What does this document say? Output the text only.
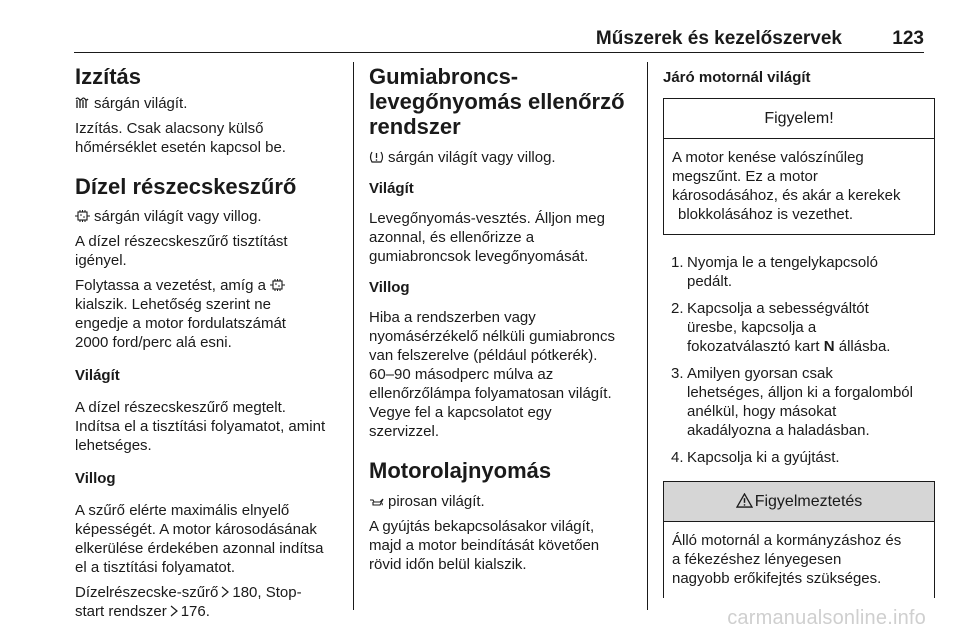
Műszerek és kezelőszervek	123
Izzítás
sárgán világít.
Izzítás. Csak alacsony külső
hőmérséklet esetén kapcsol be.
Dízel részecskeszűrő
sárgán világít vagy villog.
A dízel részecskeszűrő tisztítást
igényel.
Folytassa a vezetést, amíg a
kialszik. Lehetőség szerint ne
engedje a motor fordulatszámát
2000 ford/perc alá esni.
Világít
A dízel részecskeszűrő megtelt.
Indítsa el a tisztítási folyamatot, amint
lehetséges.
Villog
A szűrő elérte maximális elnyelő
képességét. A motor károsodásának
elkerülése érdekében azonnal indítsa
el a tisztítási folyamatot.
Dízelrészecske-szűrő 180, Stop-
start rendszer 176.
Gumiabroncs-
levegőnyomás ellenőrző
rendszer
sárgán világít vagy villog.
Világít
Levegőnyomás-vesztés. Álljon meg
azonnal, és ellenőrizze a
gumiabroncsok levegőnyomását.
Villog
Hiba a rendszerben vagy
nyomásérzékelő nélküli gumiabroncs
van felszerelve (például pótkerék).
60–90 másodperc múlva az
ellenőrzőlámpa folyamatosan világít.
Vegye fel a kapcsolatot egy
szervizzel.
Motorolajnyomás
pirosan világít.
A gyújtás bekapcsolásakor világít,
majd a motor beindítását követően
rövid időn belül kialszik.
Járó motornál világít
Figyelem!
A motor kenése valószínűleg
megszűnt. Ez a motor
károsodásához, és akár a kerekek
blokkolásához is vezethet.
1. Nyomja le a tengelykapcsoló
pedált.
2. Kapcsolja a sebességváltót
üresbe, kapcsolja a
fokozatválasztó kart N állásba.
3. Amilyen gyorsan csak
lehetséges, álljon ki a forgalomból
anélkül, hogy másokat
akadályozna a haladásban.
4. Kapcsolja ki a gyújtást.
Figyelmeztetés
Álló motornál a kormányzáshoz és
a fékezéshez lényegesen
nagyobb erőkifejtés szükséges.
carmanualsonline.info
